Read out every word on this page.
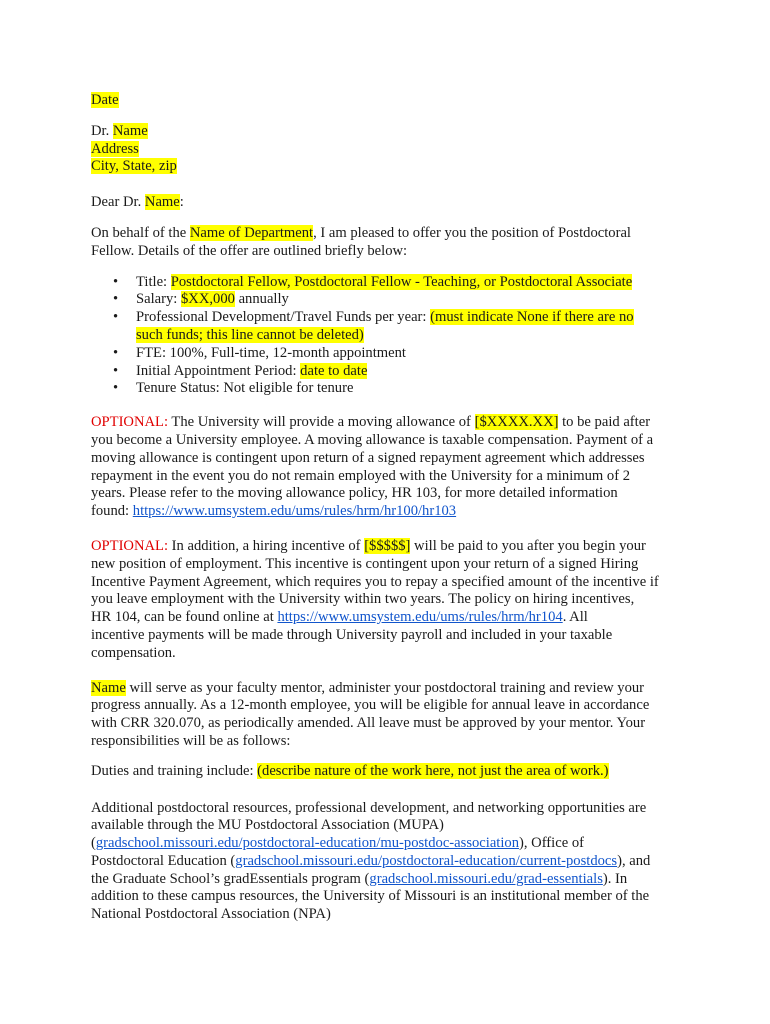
Date

Dr. Name
Address
City, State, zip

Dear Dr. Name:

On behalf of the Name of Department, I am pleased to offer you the position of Postdoctoral
Fellow. Details of the offer are outlined briefly below:

• Title: Postdoctoral Fellow, Postdoctoral Fellow - Teaching, or Postdoctoral Associate
• Salary: $XX,000 annually
• Professional Development/Travel Funds per year: (must indicate None if there are no
such funds; this line cannot be deleted)
• FTE: 100%, Full-time, 12-month appointment
• Initial Appointment Period: date to date
• Tenure Status: Not eligible for tenure

OPTIONAL: The University will provide a moving allowance of [$XXXX.XX] to be paid after
you become a University employee. A moving allowance is taxable compensation. Payment of a
moving allowance is contingent upon return of a signed repayment agreement which addresses
repayment in the event you do not remain employed with the University for a minimum of 2
years. Please refer to the moving allowance policy, HR 103, for more detailed information
found: https://www.umsystem.edu/ums/rules/hrm/hr100/hr103

OPTIONAL: In addition, a hiring incentive of [$$$$$] will be paid to you after you begin your
new position of employment. This incentive is contingent upon your return of a signed Hiring
Incentive Payment Agreement, which requires you to repay a specified amount of the incentive if
you leave employment with the University within two years. The policy on hiring incentives,
HR 104, can be found online at https://www.umsystem.edu/ums/rules/hrm/hr104. All
incentive payments will be made through University payroll and included in your taxable
compensation.

Name will serve as your faculty mentor, administer your postdoctoral training and review your
progress annually. As a 12-month employee, you will be eligible for annual leave in accordance
with CRR 320.070, as periodically amended. All leave must be approved by your mentor. Your
responsibilities will be as follows:

Duties and training include: (describe nature of the work here, not just the area of work.)

Additional postdoctoral resources, professional development, and networking opportunities are
available through the MU Postdoctoral Association (MUPA)
(gradschool.missouri.edu/postdoctoral-education/mu-postdoc-association), Office of
Postdoctoral Education (gradschool.missouri.edu/postdoctoral-education/current-postdocs), and
the Graduate School’s gradEssentials program (gradschool.missouri.edu/grad-essentials). In
addition to these campus resources, the University of Missouri is an institutional member of the
National Postdoctoral Association (NPA)
